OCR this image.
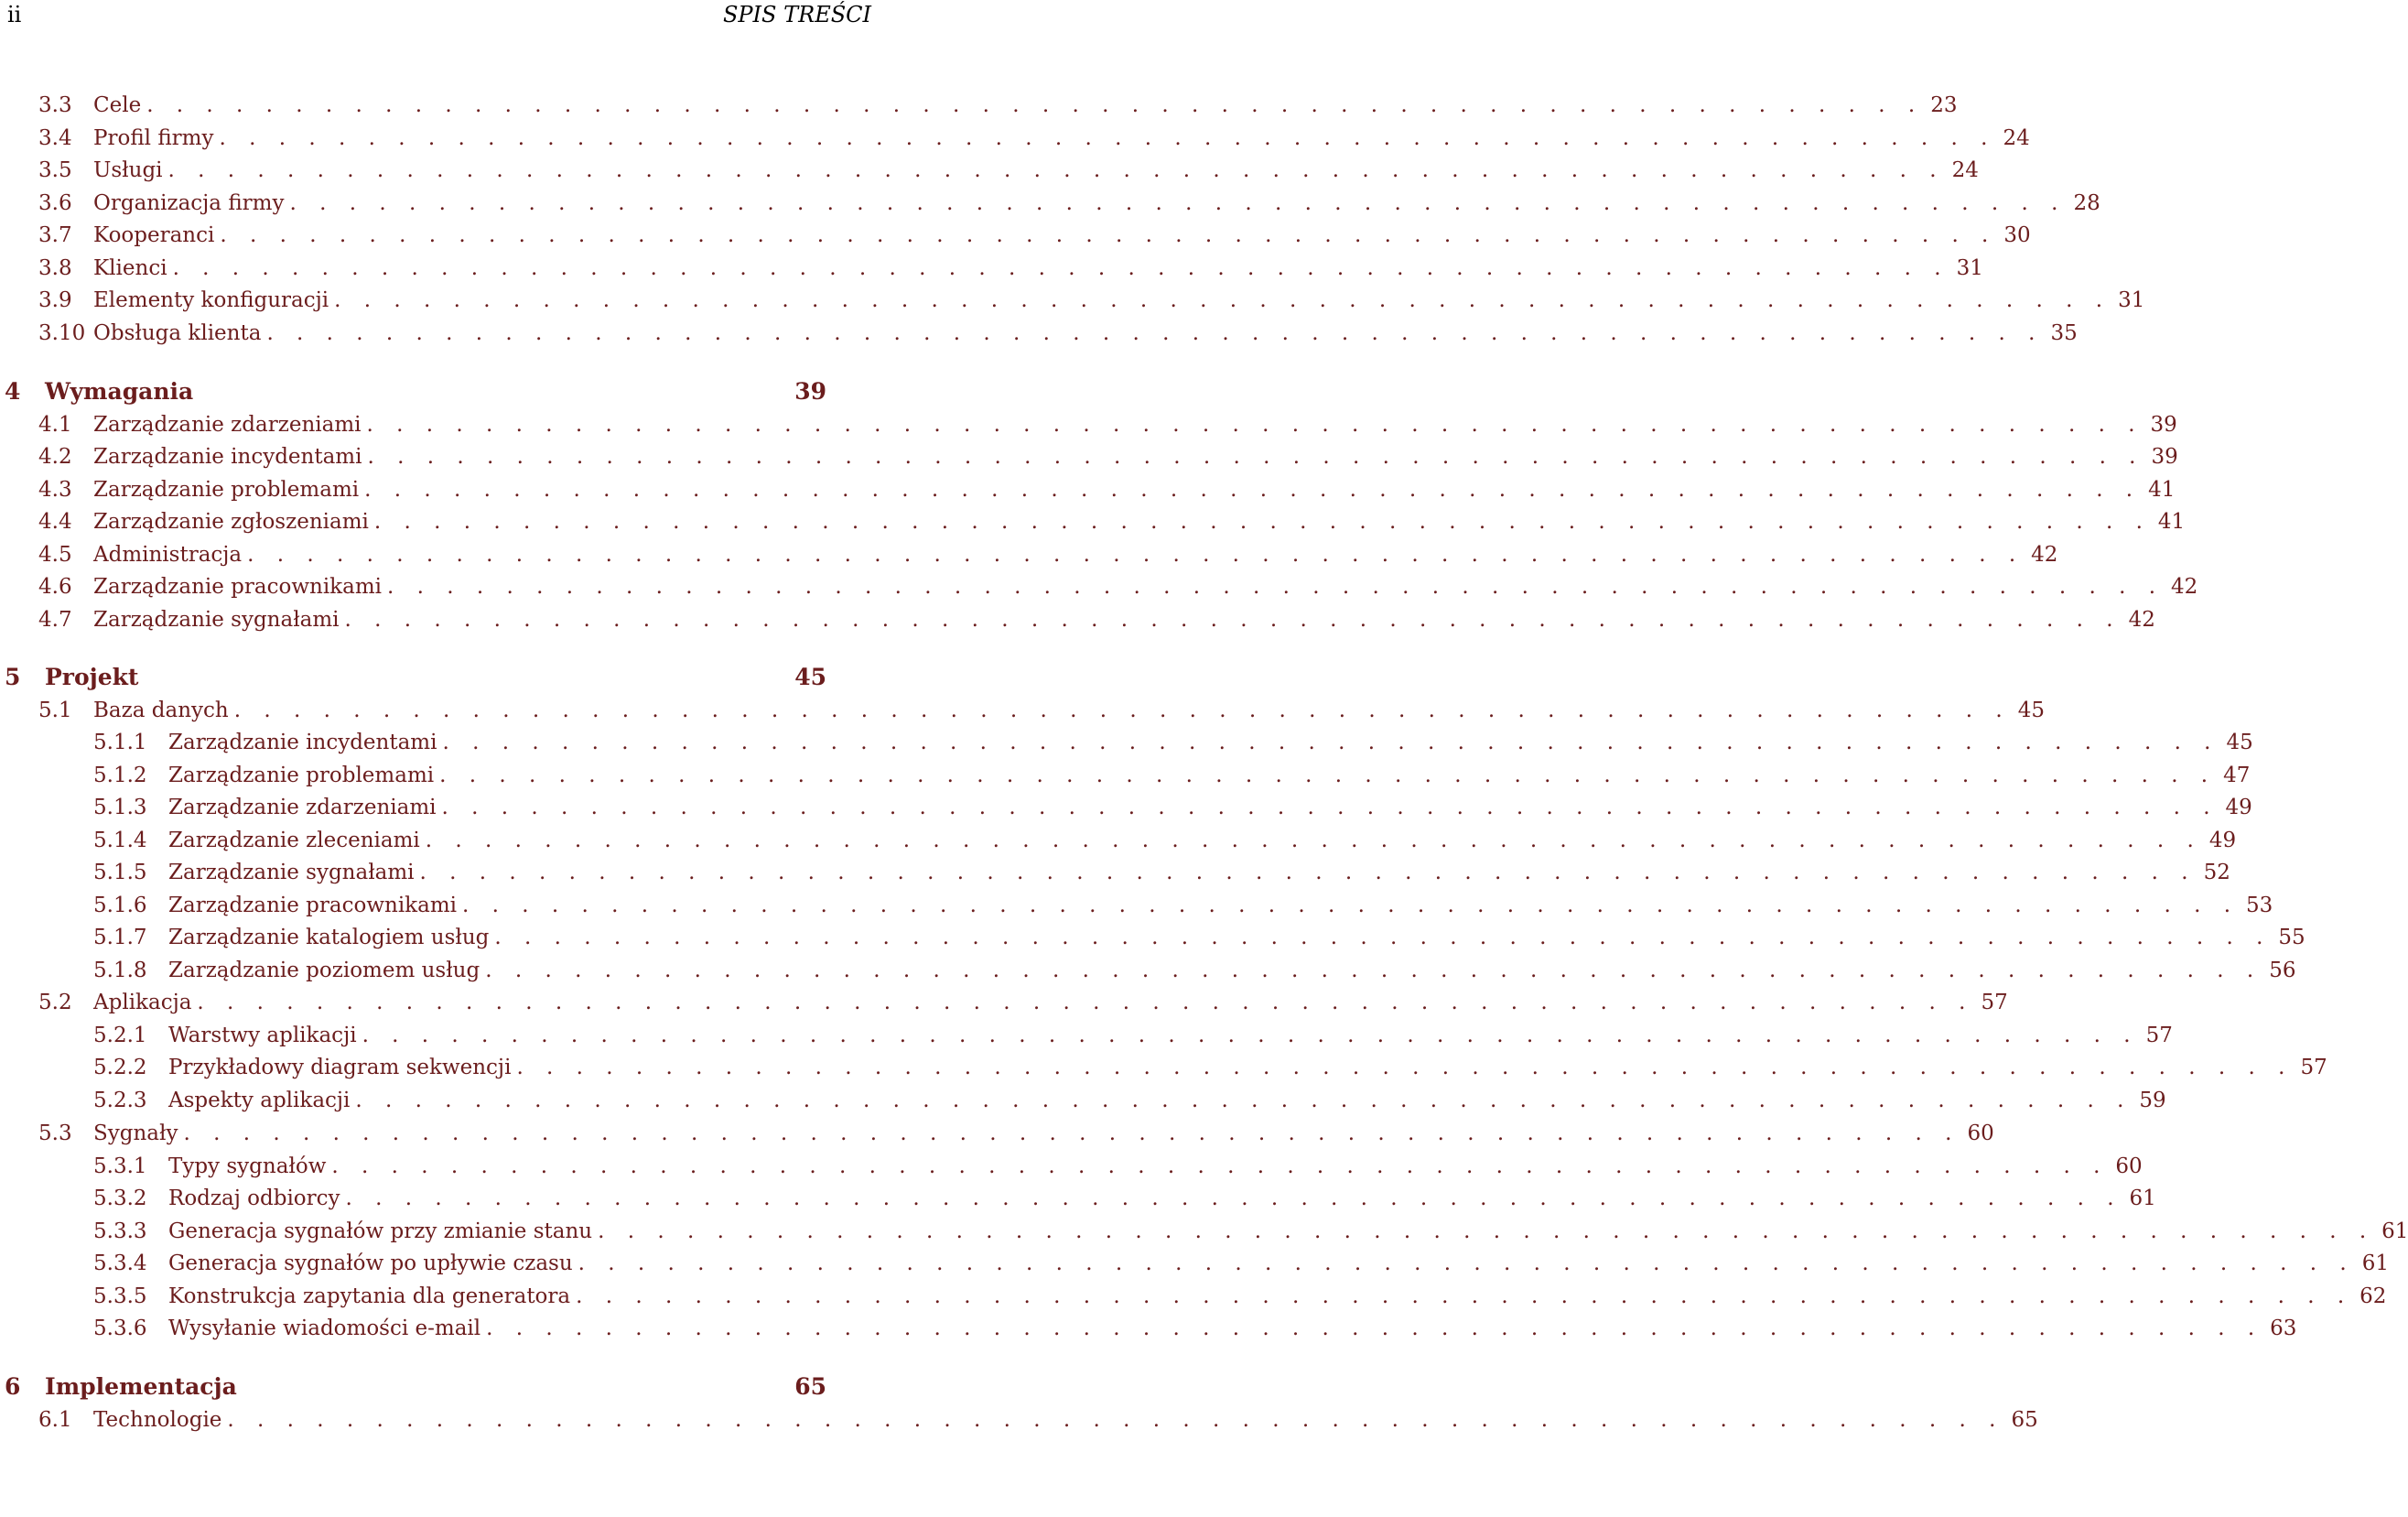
ii	SPIS TREŚCI
3.3	Cele . . . . . . . . . . . . . . . . . . . . . . . . . . . . . . . . . . . . . . . . . . . . . . . . . . . . . . . . . . . . 23
3.4	Profil firmy . . . . . . . . . . . . . . . . . . . . . . . . . . . . . . . . . . . . . . . . . . . . . . . . . . . . . . . . . . . . 24
3.5	Usługi . . . . . . . . . . . . . . . . . . . . . . . . . . . . . . . . . . . . . . . . . . . . . . . . . . . . . . . . . . . . 24
3.6	Organizacja firmy . . . . . . . . . . . . . . . . . . . . . . . . . . . . . . . . . . . . . . . . . . . . . . . . . . . . . . . . . . . . 28
3.7	Kooperanci . . . . . . . . . . . . . . . . . . . . . . . . . . . . . . . . . . . . . . . . . . . . . . . . . . . . . . . . . . . . 30
3.8	Klienci . . . . . . . . . . . . . . . . . . . . . . . . . . . . . . . . . . . . . . . . . . . . . . . . . . . . . . . . . . . . 31
3.9	Elementy konfiguracji . . . . . . . . . . . . . . . . . . . . . . . . . . . . . . . . . . . . . . . . . . . . . . . . . . . . . . . . . . . . 31
3.10 Obsługa klienta . . . . . . . . . . . . . . . . . . . . . . . . . . . . . . . . . . . . . . . . . . . . . . . . . . . . . . . . . . . . 35
4	Wymagania	39
4.1	Zarządzanie zdarzeniami . . . . . . . . . . . . . . . . . . . . . . . . . . . . . . . . . . . . . . . . . . . . . . . . . . . . . . . . . . . . 39
4.2	Zarządzanie incydentami . . . . . . . . . . . . . . . . . . . . . . . . . . . . . . . . . . . . . . . . . . . . . . . . . . . . . . . . . . . . 39
4.3	Zarządzanie problemami . . . . . . . . . . . . . . . . . . . . . . . . . . . . . . . . . . . . . . . . . . . . . . . . . . . . . . . . . . . . 41
4.4	Zarządzanie zgłoszeniami . . . . . . . . . . . . . . . . . . . . . . . . . . . . . . . . . . . . . . . . . . . . . . . . . . . . . . . . . . . . 41
4.5	Administracja . . . . . . . . . . . . . . . . . . . . . . . . . . . . . . . . . . . . . . . . . . . . . . . . . . . . . . . . . . . . 42
4.6	Zarządzanie pracownikami . . . . . . . . . . . . . . . . . . . . . . . . . . . . . . . . . . . . . . . . . . . . . . . . . . . . . . . . . . . . 42
4.7	Zarządzanie sygnałami . . . . . . . . . . . . . . . . . . . . . . . . . . . . . . . . . . . . . . . . . . . . . . . . . . . . . . . . . . . . 42
5	Projekt	45
5.1	Baza danych . . . . . . . . . . . . . . . . . . . . . . . . . . . . . . . . . . . . . . . . . . . . . . . . . . . . . . . . . . . . 45
5.1.1	Zarządzanie incydentami . . . . . . . . . . . . . . . . . . . . . . . . . . . . . . . . . . . . . . . . . . . . . . . . . . . . . . . . . . . . 45
5.1.2	Zarządzanie problemami . . . . . . . . . . . . . . . . . . . . . . . . . . . . . . . . . . . . . . . . . . . . . . . . . . . . . . . . . . . . 47
5.1.3	Zarządzanie zdarzeniami . . . . . . . . . . . . . . . . . . . . . . . . . . . . . . . . . . . . . . . . . . . . . . . . . . . . . . . . . . . . 49
5.1.4	Zarządzanie zleceniami . . . . . . . . . . . . . . . . . . . . . . . . . . . . . . . . . . . . . . . . . . . . . . . . . . . . . . . . . . . . 49
5.1.5	Zarządzanie sygnałami . . . . . . . . . . . . . . . . . . . . . . . . . . . . . . . . . . . . . . . . . . . . . . . . . . . . . . . . . . . . 52
5.1.6	Zarządzanie pracownikami . . . . . . . . . . . . . . . . . . . . . . . . . . . . . . . . . . . . . . . . . . . . . . . . . . . . . . . . . . . . 53
5.1.7	Zarządzanie katalogiem usług . . . . . . . . . . . . . . . . . . . . . . . . . . . . . . . . . . . . . . . . . . . . . . . . . . . . . . . . . . . . 55
5.1.8	Zarządzanie poziomem usług . . . . . . . . . . . . . . . . . . . . . . . . . . . . . . . . . . . . . . . . . . . . . . . . . . . . . . . . . . . . 56
5.2	Aplikacja . . . . . . . . . . . . . . . . . . . . . . . . . . . . . . . . . . . . . . . . . . . . . . . . . . . . . . . . . . . . 57
5.2.1	Warstwy aplikacji . . . . . . . . . . . . . . . . . . . . . . . . . . . . . . . . . . . . . . . . . . . . . . . . . . . . . . . . . . . . 57
5.2.2	Przykładowy diagram sekwencji . . . . . . . . . . . . . . . . . . . . . . . . . . . . . . . . . . . . . . . . . . . . . . . . . . . . . . . . . . . . 57
5.2.3	Aspekty aplikacji . . . . . . . . . . . . . . . . . . . . . . . . . . . . . . . . . . . . . . . . . . . . . . . . . . . . . . . . . . . . 59
5.3	Sygnały . . . . . . . . . . . . . . . . . . . . . . . . . . . . . . . . . . . . . . . . . . . . . . . . . . . . . . . . . . . . 60
5.3.1	Typy sygnałów . . . . . . . . . . . . . . . . . . . . . . . . . . . . . . . . . . . . . . . . . . . . . . . . . . . . . . . . . . . . 60
5.3.2	Rodzaj odbiorcy . . . . . . . . . . . . . . . . . . . . . . . . . . . . . . . . . . . . . . . . . . . . . . . . . . . . . . . . . . . . 61
5.3.3	Generacja sygnałów przy zmianie stanu . . . . . . . . . . . . . . . . . . . . . . . . . . . . . . . . . . . . . . . . . . . . . . . . . . . . . . . . . . . . 61
5.3.4	Generacja sygnałów po upływie czasu . . . . . . . . . . . . . . . . . . . . . . . . . . . . . . . . . . . . . . . . . . . . . . . . . . . . . . . . . . . . 61
5.3.5	Konstrukcja zapytania dla generatora . . . . . . . . . . . . . . . . . . . . . . . . . . . . . . . . . . . . . . . . . . . . . . . . . . . . . . . . . . . . 62
5.3.6	Wysyłanie wiadomości e-mail . . . . . . . . . . . . . . . . . . . . . . . . . . . . . . . . . . . . . . . . . . . . . . . . . . . . . . . . . . . . 63
6	Implementacja	65
6.1	Technologie . . . . . . . . . . . . . . . . . . . . . . . . . . . . . . . . . . . . . . . . . . . . . . . . . . . . . . . . . . . . 65
